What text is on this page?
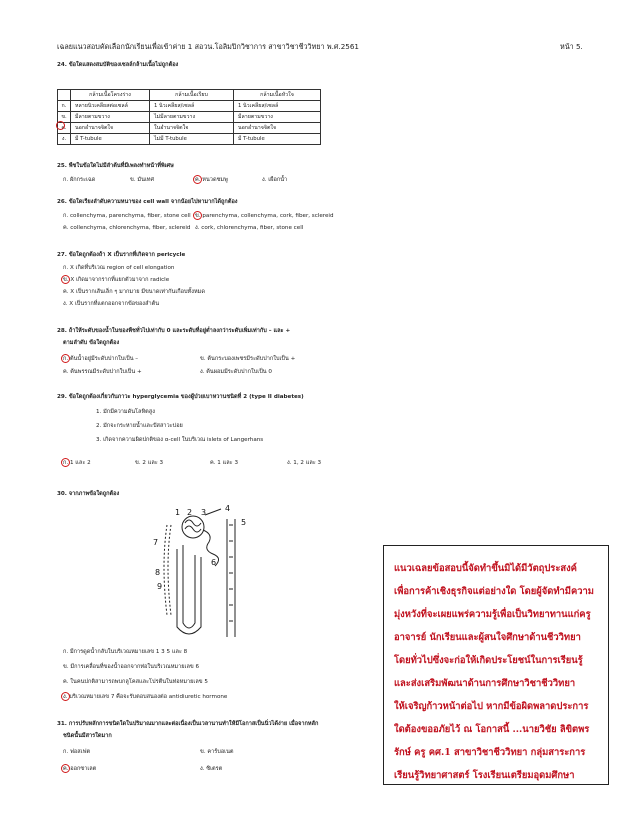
เฉลยแนวสอบคัดเลือกนักเรียนเพื่อเข้าค่าย 1 สอวน.โอลิมปิกวิชาการ สาขาวิชาชีววิทยา พ.ศ.2561	หน้า 5.
24. ข้อใดแสดงสมบัติของเซลล์กล้ามเนื้อไม่ถูกต้อง
	กล้ามเนื้อโครงร่าง	กล้ามเนื้อเรียบ	กล้ามเนื้อหัวใจ
ก.	หลายนิวเคลียสต่อเซลล์	1 นิวเคลียส/เซลล์	1 นิวเคลียส/เซลล์
ข.	มีลายตามขวาง	ไม่มีลายตามขวาง	มีลายตามขวาง
ค.	นอกอำนาจจิตใจ	ในอำนาจจิตใจ	นอกอำนาจจิตใจ
ง.	มี T-tubule	ไม่มี T-tubule	มี T-tubule
25. พืชในข้อใดไม่มีลำต้นที่มีเพลงทำหน้าที่พิเศษ
ก. ผักกระเฉด	ข. มันเทศ	ค. หนวดชมพู	ง. เผือกน้ำ
26. ข้อใดเรียงลำดับความหนาของ cell wall จากน้อยไปหามากได้ถูกต้อง
ก. collenchyma, parenchyma, fiber, stone cell ข. parenchyma, collenchyma, cork, fiber, sclereid
ค. collenchyma, chlorenchyma, fiber, sclereid ง. cork, chlorenchyma, fiber, stone cell
27. ข้อใดถูกต้องถ้า X เป็นรากที่เกิดจาก pericycle
ก. X เกิดที่บริเวณ region of cell elongation
ข. X เกิดมาจากรากที่แยกตัวมาจาก radicle
ค. X เป็นรากเส้นเล็ก ๆ มากมาย มีขนาดเท่ากันเกือบทั้งหมด
ง. X เป็นรากที่แตกออกจากข้อของลำต้น
28. ถ้าให้ระดับของน้ำในของพืชทั่วไปเท่ากับ 0 และระดับที่อยู่ต่ำลงกว่าระดับเพิ่มเท่ากับ – และ +
ตามลำดับ ข้อใดถูกต้อง
ก. ต้นน้ำอยู่มีระดับปากใบเป็น –	ข. ต้นกระบองเพชรมีระดับปากใบเป็น +
ค. ต้นพรรณมีระดับปากใบเป็น +	ง. ต้นผอมมีระดับปากใบเป็น 0
29. ข้อใดถูกต้องเกี่ยวกับภาวะ hyperglycemia ของผู้ป่วยเบาหวานชนิดที่ 2 (type II diabetes)
1. มักมีความดันโลหิตสูง
2. มักจะกระหายน้ำและปัสสาวะบ่อย
3. เกิดจากความผิดปกติของ α-cell ในบริเวณ islets of Langerhans
ก. 1 และ 2	ข. 2 และ 3	ค. 1 และ 3	ง. 1, 2 และ 3
30. จากภาพข้อใดถูกต้อง
1 2 3 4
5
6
7
8
9
ก. มีการดูดน้ำกลับในบริเวณหมายเลข 1 3 5 และ 8
ข. มีการเคลื่อนที่ของน้ำออกจากท่อในบริเวณหมายเลข 6
ค. ในคนปกติสามารถพบกลูโคสและโปรตีนในท่อหมายเลข 5
ง. บริเวณหมายเลข 7 คือจะรับตอบสนองต่อ antidiuretic hormone
31. การปรับหลักการขนิดใดในปริมาณมากและต่อเนื่องเป็นเวลานานทำให้มีโอกาสเป็นนิ่วได้ง่าย เมื่อจากหลัก
ชนิดนั้นมีสารใดมาก
ก. ฟอสเฟต	ข. คาร์บอเนต
ค. ออกซาเลต	ง. ซิเตรต
แนวเฉลยข้อสอบนี้จัดทำขึ้นมิได้มีวัตถุประสงค์
เพื่อการค้าเชิงธุรกิจแต่อย่างใด โดยผู้จัดทำมีความ
มุ่งหวังที่จะเผยแพร่ความรู้เพื่อเป็นวิทยาทานแก่ครู
อาจารย์ นักเรียนและผู้สนใจศึกษาด้านชีววิทยา
โดยทั่วไปซึ่งจะก่อให้เกิดประโยชน์ในการเรียนรู้
และส่งเสริมพัฒนาด้านการศึกษาวิชาชีววิทยา
ให้เจริญก้าวหน้าต่อไป หากมีข้อผิดพลาดประการ
ใดต้องขออภัยไว้ ณ โอกาสนี้ ...นายวิชัย ลิขิตพร
รักษ์ ครู คศ.1 สาขาวิชาชีววิทยา กลุ่มสาระการ
เรียนรู้วิทยาศาสตร์ โรงเรียนเตรียมอุดมศึกษา
